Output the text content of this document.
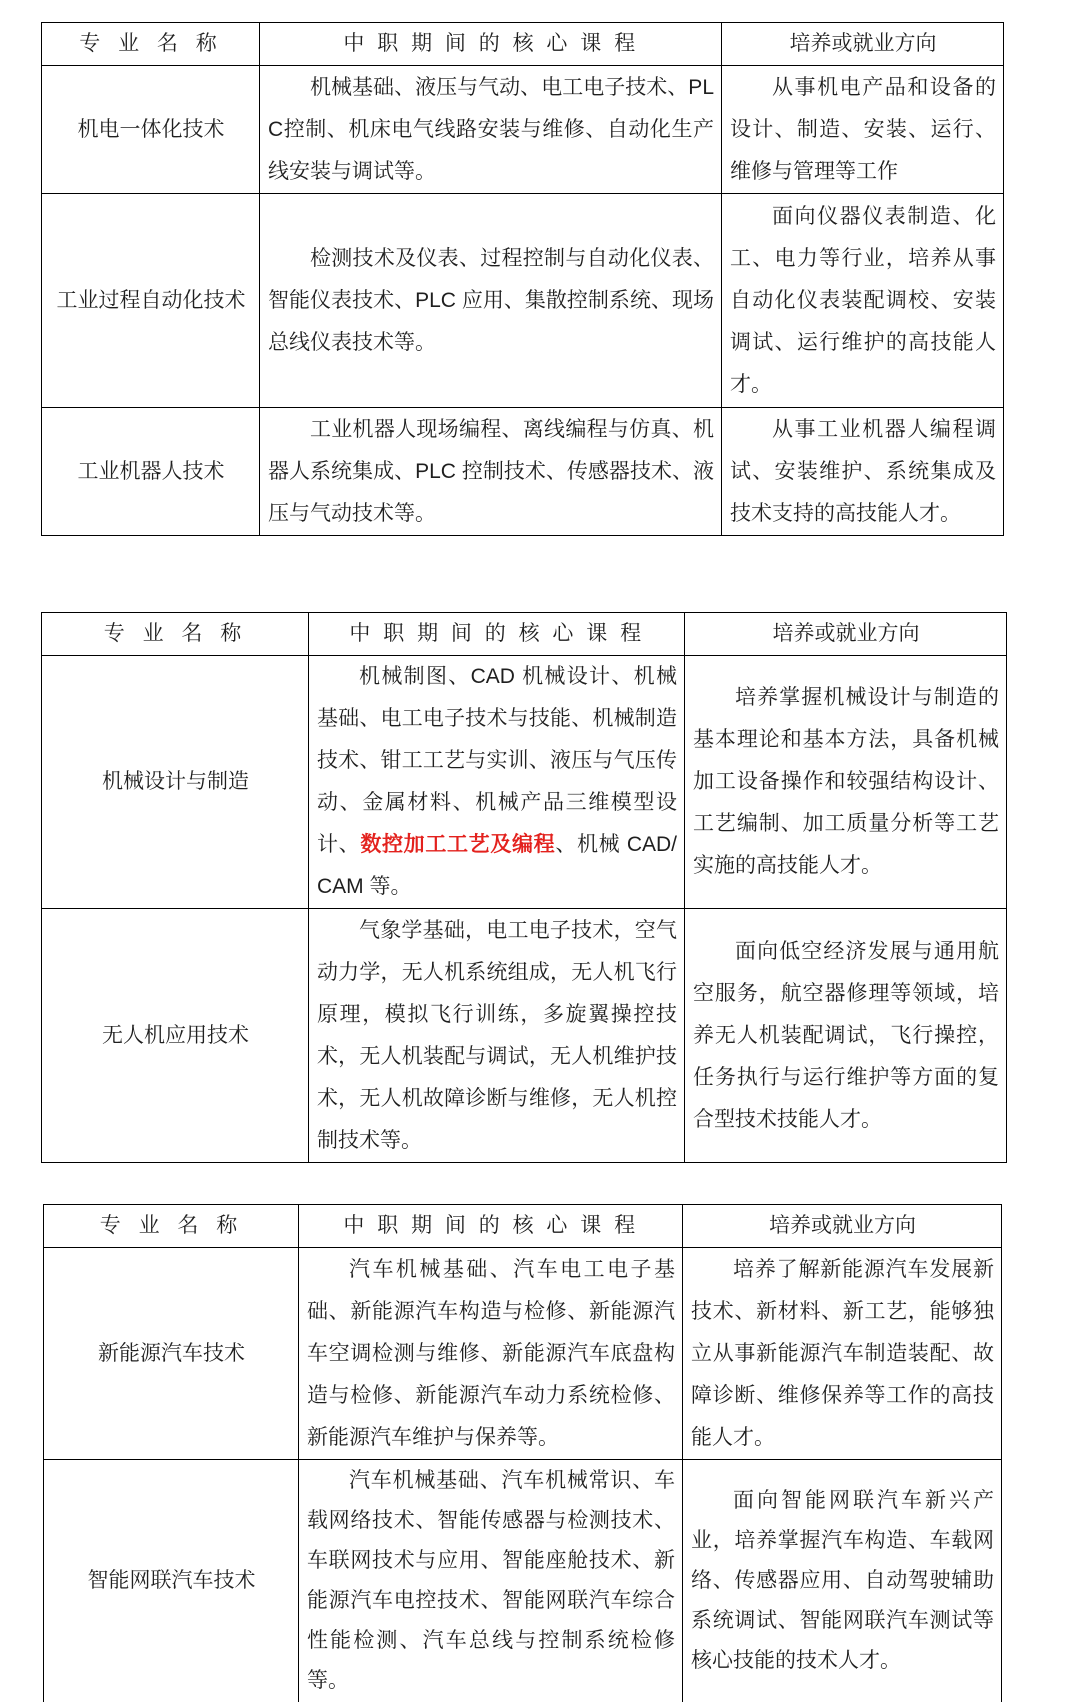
专 业 名 称	中 职 期 间 的 核 心 课 程	培养或就业方向
机电一体化技术	机械基础、液压与气动、电工电子技术、PLC控制、机床电气线路安装与维修、自动化生产线安装与调试等。	从事机电产品和设备的设计、制造、安装、运行、维修与管理等工作
工业过程自动化技术	检测技术及仪表、过程控制与自动化仪表、智能仪表技术、PLC 应用、集散控制系统、现场总线仪表技术等。	面向仪器仪表制造、化工、电力等行业，培养从事自动化仪表装配调校、安装调试、运行维护的高技能人才。
工业机器人技术	工业机器人现场编程、离线编程与仿真、机器人系统集成、PLC 控制技术、传感器技术、液压与气动技术等。	从事工业机器人编程调试、安装维护、系统集成及技术支持的高技能人才。
专 业 名 称	中 职 期 间 的 核 心 课 程	培养或就业方向
机械设计与制造	机械制图、CAD 机械设计、机械基础、电工电子技术与技能、机械制造技术、钳工工艺与实训、液压与气压传动、金属材料、机械产品三维模型设计、数控加工工艺及编程、机械 CAD/CAM 等。	培养掌握机械设计与制造的基本理论和基本方法，具备机械加工设备操作和较强结构设计、工艺编制、加工质量分析等工艺实施的高技能人才。
无人机应用技术	气象学基础，电工电子技术，空气动力学，无人机系统组成，无人机飞行原理，模拟飞行训练，多旋翼操控技术，无人机装配与调试，无人机维护技术，无人机故障诊断与维修，无人机控制技术等。	面向低空经济发展与通用航空服务，航空器修理等领域，培养无人机装配调试，飞行操控，任务执行与运行维护等方面的复合型技术技能人才。
专 业 名 称	中 职 期 间 的 核 心 课 程	培养或就业方向
新能源汽车技术	汽车机械基础、汽车电工电子基础、新能源汽车构造与检修、新能源汽车空调检测与维修、新能源汽车底盘构造与检修、新能源汽车动力系统检修、新能源汽车维护与保养等。	培养了解新能源汽车发展新技术、新材料、新工艺，能够独立从事新能源汽车制造装配、故障诊断、维修保养等工作的高技能人才。
智能网联汽车技术	汽车机械基础、汽车机械常识、车载网络技术、智能传感器与检测技术、车联网技术与应用、智能座舱技术、新能源汽车电控技术、智能网联汽车综合性能检测、汽车总线与控制系统检修等。	面向智能网联汽车新兴产业，培养掌握汽车构造、车载网络、传感器应用、自动驾驶辅助系统调试、智能网联汽车测试等核心技能的技术人才。
